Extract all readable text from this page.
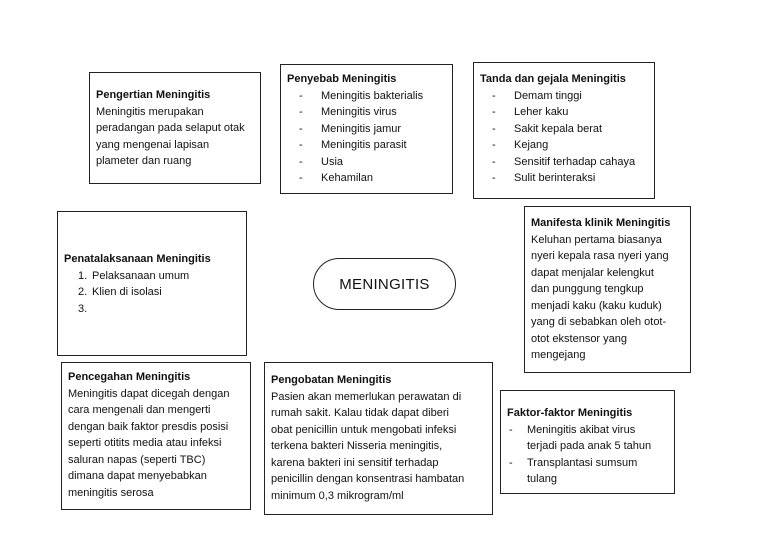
Pengertian Meningitis

Meningitis merupakan

peradangan pada selaput otak

yang mengenai lapisan

plameter dan ruang

Penyebab Meningitis

- Meningitis bakterialis
- Meningitis virus
- Meningitis jamur
- Meningitis parasit
- Usia
- Kehamilan

Tanda dan gejala Meningitis

- Demam tinggi
- Leher kaku
- Sakit kepala berat
- Kejang
- Sensitif terhadap cahaya
- Sulit berinteraksi

Penatalaksanaan Meningitis

1. Pelaksanaan umum
2. Klien di isolasi
3.
MENINGITIS

Manifesta klinik Meningitis

Keluhan pertama biasanya

nyeri kepala rasa nyeri yang

dapat menjalar kelengkut

dan punggung tengkup

menjadi kaku (kaku kuduk)

yang di sebabkan oleh otot-

otot ekstensor yang

mengejang

Pencegahan Meningitis

Meningitis dapat dicegah dengan

cara mengenali dan mengerti

dengan baik faktor presdis posisi

seperti otitits media atau infeksi

saluran napas (seperti TBC)

dimana dapat menyebabkan

meningitis serosa

Pengobatan Meningitis

Pasien akan memerlukan perawatan di

rumah sakit. Kalau tidak dapat diberi

obat penicillin untuk mengobati infeksi

terkena bakteri Nisseria meningitis,

karena bakteri ini sensitif terhadap

penicillin dengan konsentrasi hambatan

minimum 0,3 mikrogram/ml

Faktor-faktor Meningitis

- Meningitis akibat virus
terjadi pada anak 5 tahun
- Transplantasi sumsum
tulang
